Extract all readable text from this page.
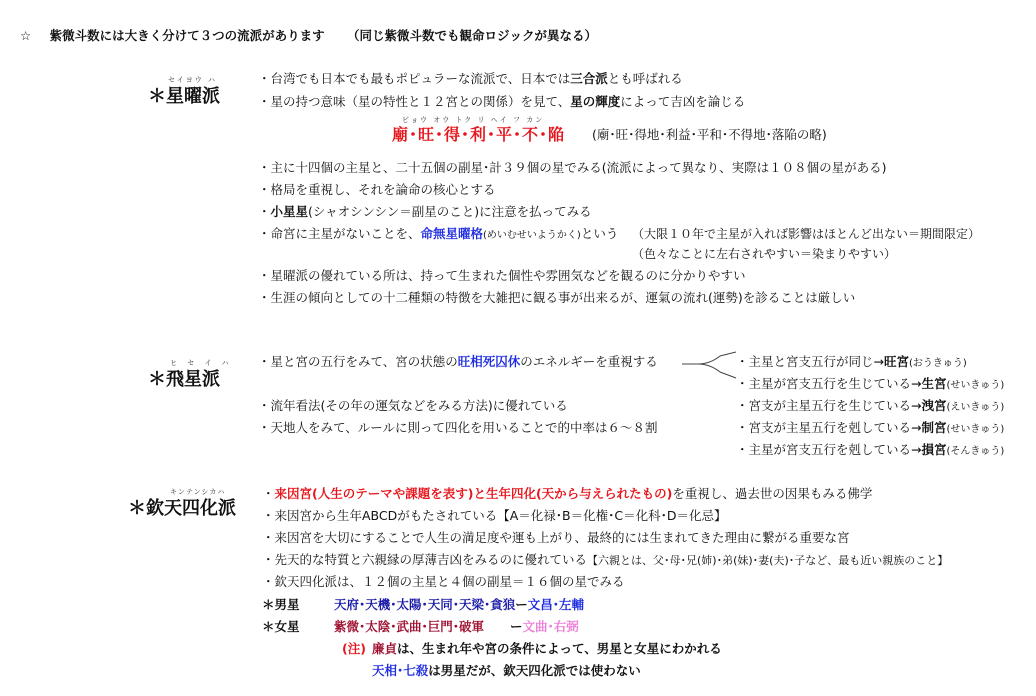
☆ 紫微斗数には大きく分けて３つの流派があります （同じ紫微斗数でも観命ロジックが異なる）
セイヨウ ハ
＊星曜派
・台湾でも日本でも最もポピュラーな流派で、日本では三合派とも呼ばれる
・星の持つ意味（星の特性と１２宮との関係）を見て、星の輝度によって吉凶を論じる
ビョウ オウ トク リ ヘイ フ カン
廟･旺･得･利･平･不･陥 (廟･旺･得地･利益･平和･不得地･落陥の略)
・主に十四個の主星と、二十五個の副星･計３９個の星でみる(流派によって異なり、実際は１０８個の星がある)
・格局を重視し、それを論命の核心とする
・小星星(シャオシンシン＝副星のこと)に注意を払ってみる
・命宮に主星がないことを、命無星曜格(めいむせいようかく)という （大限１０年で主星が入れば影響はほとんど出ない＝期間限定）
（色々なことに左右されやすい＝染まりやすい）
・星曜派の優れている所は、持って生まれた個性や雰囲気などを観るのに分かりやすい
・生涯の傾向としての十二種類の特徴を大雑把に観る事が出来るが、運氣の流れ(運勢)を診ることは厳しい
ヒ セ イ ハ
＊飛星派
・星と宮の五行をみて、宮の状態の旺相死囚休のエネルギーを重視する
・流年看法(その年の運気などをみる方法)に優れている
・天地人をみて、ルールに則って四化を用いることで的中率は６～８割
・主星と宮支五行が同じ→旺宮(おうきゅう)
・主星が宮支五行を生じている→生宮(せいきゅう)
・宮支が主星五行を生じている→洩宮(えいきゅう)
・宮支が主星五行を剋している→制宮(せいきゅう)
・主星が宮支五行を剋している→損宮(そんきゅう)
キンテンシカハ
＊欽天四化派
・来因宮(人生のテーマや課題を表す)と生年四化(天から与えられたもの)を重視し、過去世の因果もみる佛学
・来因宮から生年ABCDがもたされている【A＝化禄･B＝化権･C＝化科･D＝化忌】
・来因宮を大切にすることで人生の満足度や運も上がり、最終的には生まれてきた理由に繋がる重要な宮
・先天的な特質と六親縁の厚薄吉凶をみるのに優れている【六親とは、父･母･兄(姉)･弟(妹)･妻(夫)･子など、最も近い親族のこと】
・欽天四化派は、１２個の主星と４個の副星＝１６個の星でみる
＊男星	天府･天機･太陽･天同･天梁･貪狼ー文昌･左輔
＊女星	紫微･太陰･武曲･巨門･破軍 ー文曲･右弼
(注) 廉貞は、生まれ年や宮の条件によって、男星と女星にわかれる
天相･七殺は男星だが、欽天四化派では使わない
